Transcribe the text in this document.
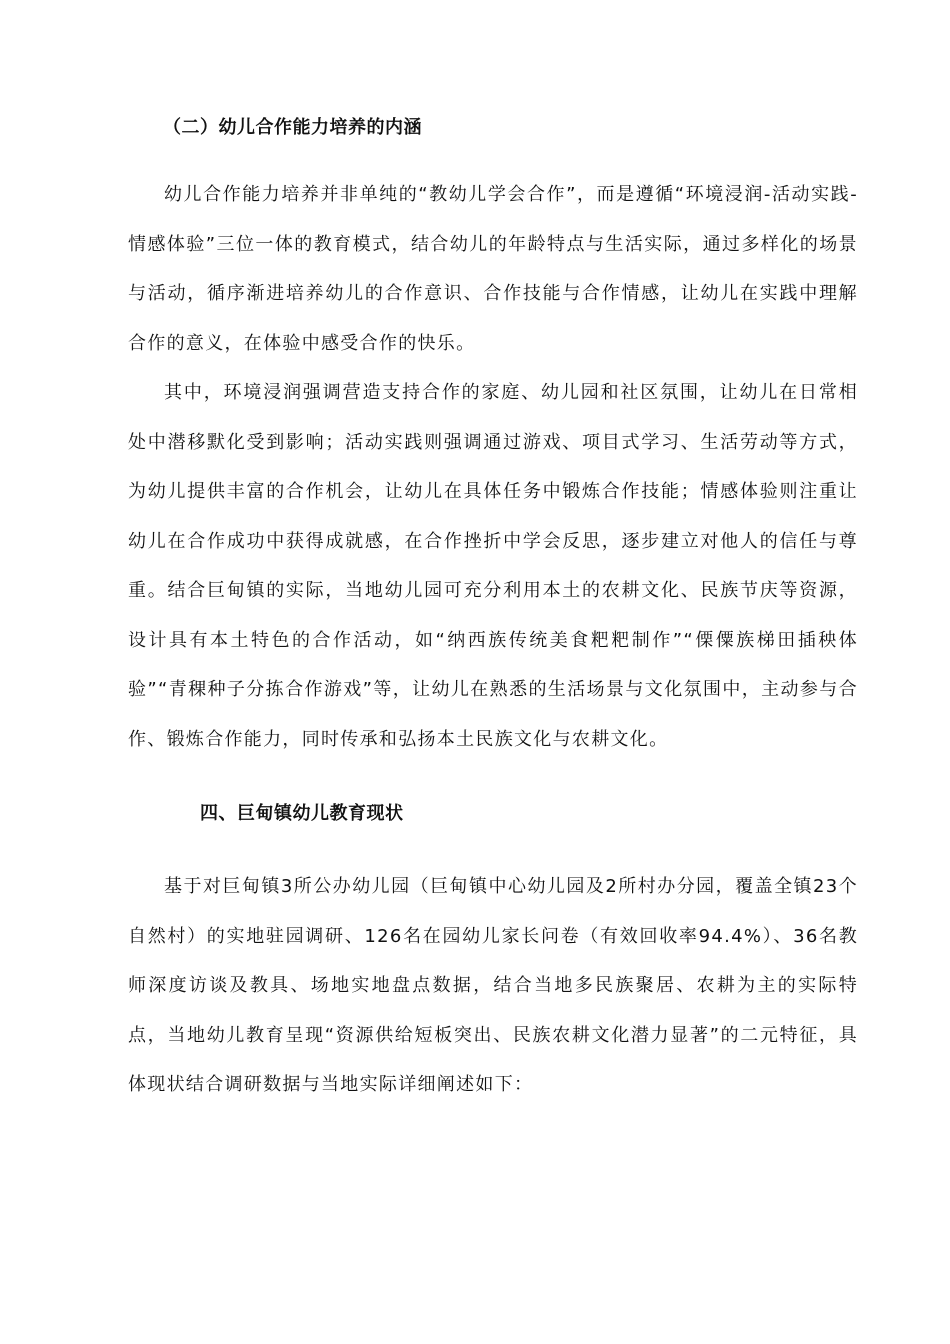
（二）幼儿合作能力培养的内涵

幼儿合作能力培养并非单纯的“教幼儿学会合作”，而是遵循“环境浸润-活动实践-情感体验”三位一体的教育模式，结合幼儿的年龄特点与生活实际，通过多样化的场景与活动，循序渐进培养幼儿的合作意识、合作技能与合作情感，让幼儿在实践中理解合作的意义，在体验中感受合作的快乐。

其中，环境浸润强调营造支持合作的家庭、幼儿园和社区氛围，让幼儿在日常相处中潜移默化受到影响；活动实践则强调通过游戏、项目式学习、生活劳动等方式，为幼儿提供丰富的合作机会，让幼儿在具体任务中锻炼合作技能；情感体验则注重让幼儿在合作成功中获得成就感，在合作挫折中学会反思，逐步建立对他人的信任与尊重。结合巨甸镇的实际，当地幼儿园可充分利用本土的农耕文化、民族节庆等资源，设计具有本土特色的合作活动，如“纳西族传统美食粑粑制作”“傈僳族梯田插秧体验”“青稞种子分拣合作游戏”等，让幼儿在熟悉的生活场景与文化氛围中，主动参与合作、锻炼合作能力，同时传承和弘扬本土民族文化与农耕文化。

四、巨甸镇幼儿教育现状

基于对巨甸镇3所公办幼儿园（巨甸镇中心幼儿园及2所村办分园，覆盖全镇23个自然村）的实地驻园调研、126名在园幼儿家长问卷（有效回收率94.4%）、36名教师深度访谈及教具、场地实地盘点数据，结合当地多民族聚居、农耕为主的实际特点，当地幼儿教育呈现“资源供给短板突出、民族农耕文化潜力显著”的二元特征，具体现状结合调研数据与当地实际详细阐述如下：
